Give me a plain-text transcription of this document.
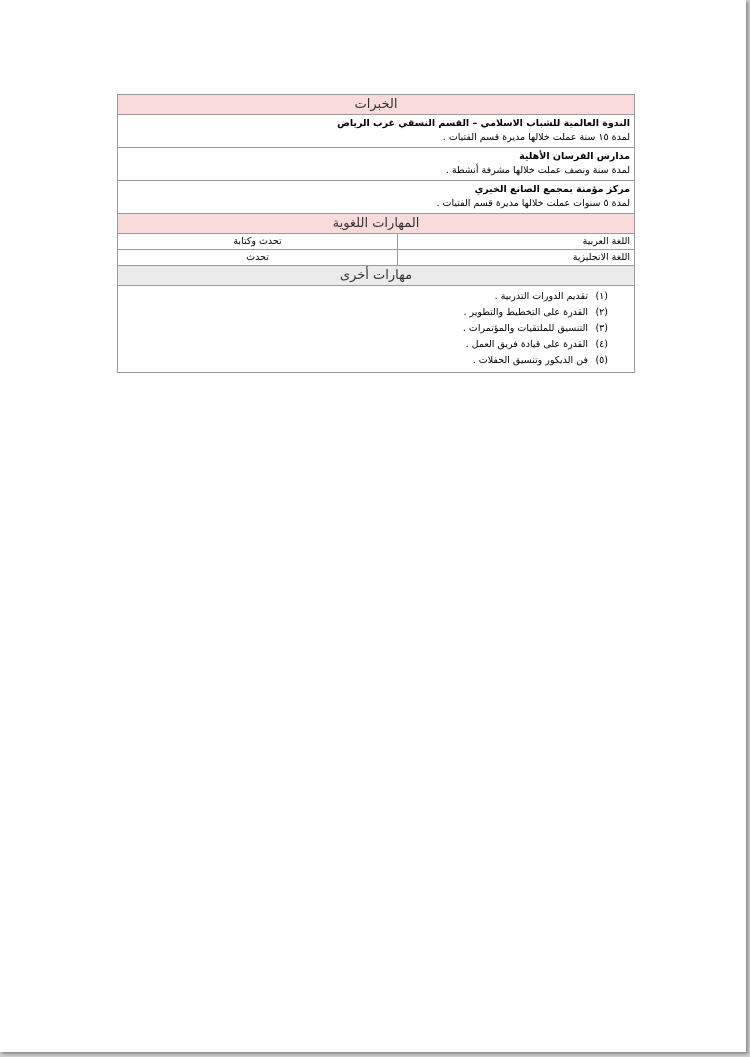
الخبرات
الندوة العالمية للشباب الاسلامي – القسم النسقي غرب الرياض
لمدة ١٥ سنة عملت خلالها مديرة قسم الفتيات .
مدارس الفرسان الأهلية
لمدة سنة ونصف عملت خلالها مشرفة أنشطة .
مركز مؤمنة بمجمع الصانع الخيري
لمدة ٥ سنوات عملت خلالها مديرة قسم الفتيات .
المهارات اللغوية
اللغة العربية
تحدث وكتابة
اللغة الانجليزية
تحدث
مهارات أخرى
(١)
تقديم الدورات التدربية .
(٢)
القدرة على التخطيط والتطوير .
(٣)
التنسيق للملتقيات والمؤتمرات .
(٤)
القدرة على قيادة فريق العمل .
(٥)
فن الديكور وتنسيق الحفلات .
